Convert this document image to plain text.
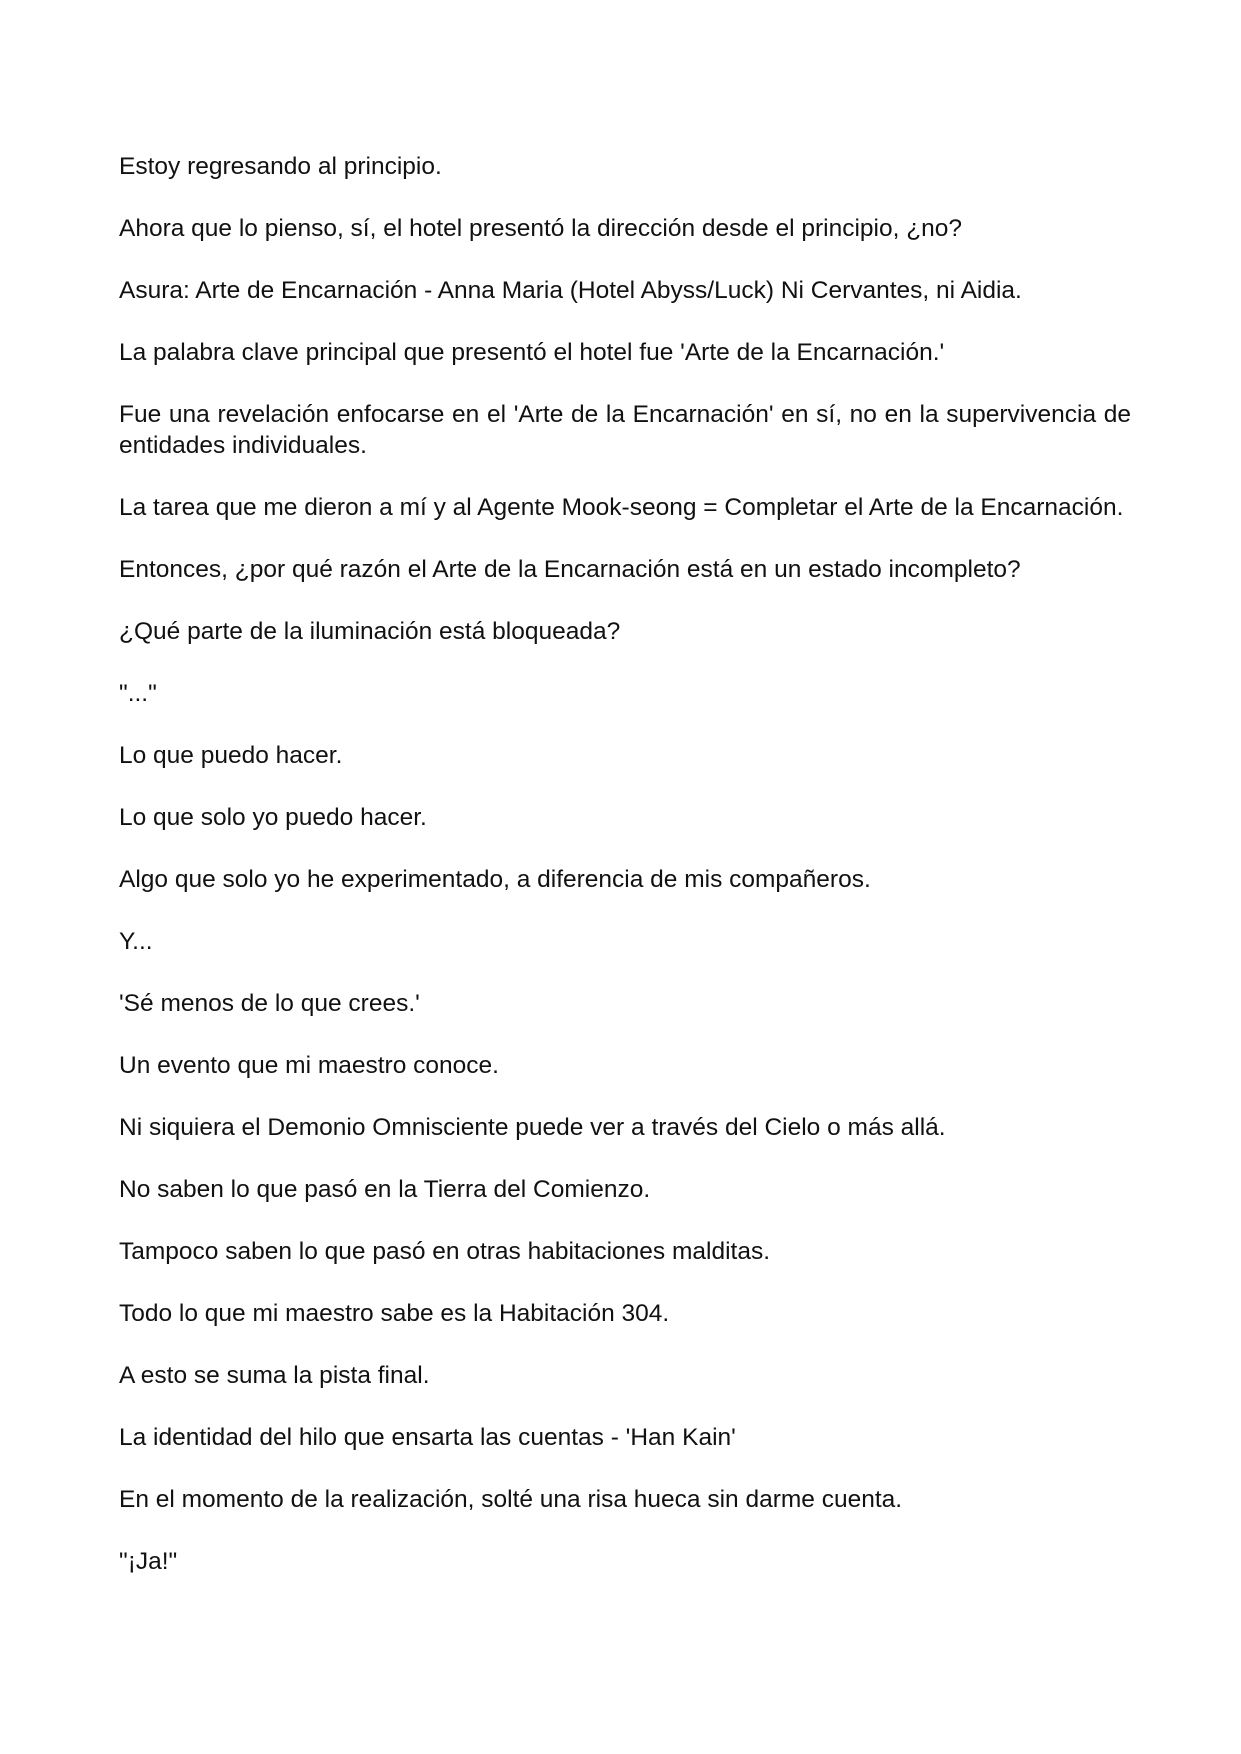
Estoy regresando al principio.

Ahora que lo pienso, sí, el hotel presentó la dirección desde el principio, ¿no?

Asura: Arte de Encarnación - Anna Maria (Hotel Abyss/Luck) Ni Cervantes, ni Aidia.

La palabra clave principal que presentó el hotel fue 'Arte de la Encarnación.'

Fue una revelación enfocarse en el 'Arte de la Encarnación' en sí, no en la supervivencia de entidades individuales.

La tarea que me dieron a mí y al Agente Mook-seong = Completar el Arte de la Encarnación.

Entonces, ¿por qué razón el Arte de la Encarnación está en un estado incompleto?

¿Qué parte de la iluminación está bloqueada?

"..."

Lo que puedo hacer.

Lo que solo yo puedo hacer.

Algo que solo yo he experimentado, a diferencia de mis compañeros.

Y...

'Sé menos de lo que crees.'

Un evento que mi maestro conoce.

Ni siquiera el Demonio Omnisciente puede ver a través del Cielo o más allá.

No saben lo que pasó en la Tierra del Comienzo.

Tampoco saben lo que pasó en otras habitaciones malditas.

Todo lo que mi maestro sabe es la Habitación 304.

A esto se suma la pista final.

La identidad del hilo que ensarta las cuentas - 'Han Kain'

En el momento de la realización, solté una risa hueca sin darme cuenta.

"¡Ja!"
